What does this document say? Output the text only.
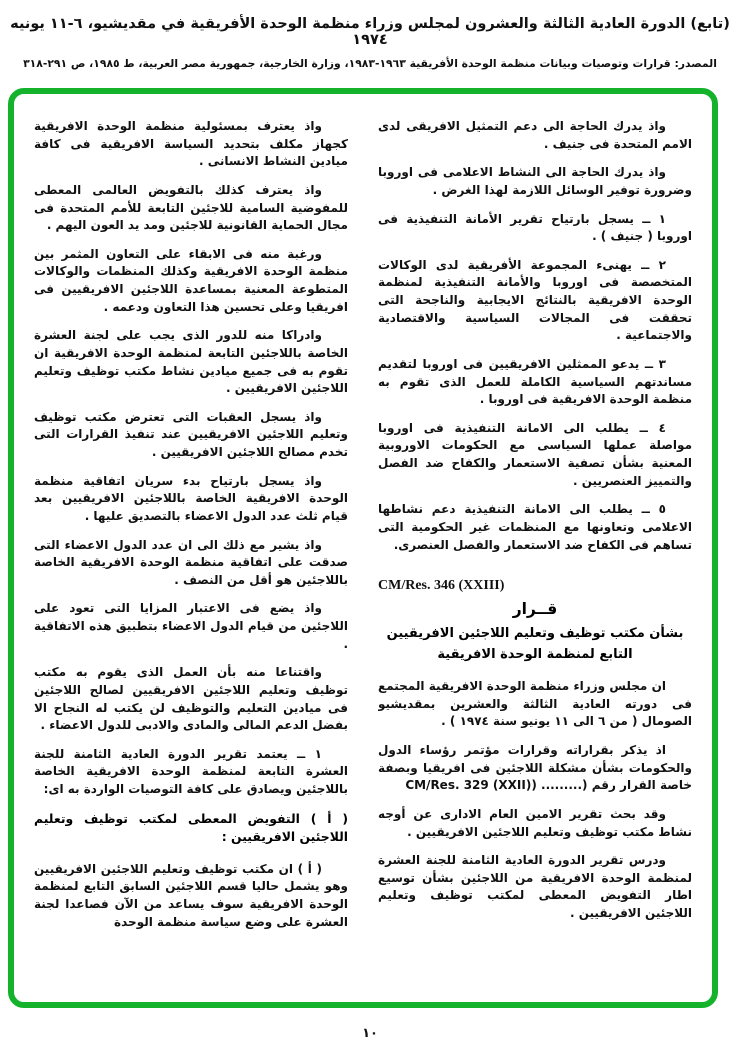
(تابع) الدورة العادية الثالثة والعشرون لمجلس وزراء منظمة الوحدة الأفريقية في مقديشيو، ٦-١١ يونيه ١٩٧٤
المصدر: قرارات وتوصيات وبيانات منظمة الوحدة الأفريقية ١٩٦٣-١٩٨٣، وزارة الخارجية، جمهورية مصر العربية، ط ١٩٨٥، ص ٢٩١-٣١٨

واذ يدرك الحاجة الى دعم التمثيل الافريقى لدى الامم المتحدة فى جنيف .

واذ يدرك الحاجة الى النشاط الاعلامى فى اوروبا وضرورة توفير الوسائل اللازمة لهذا الغرض .

١ ــ يسجل بارتياح تقرير الأمانة التنفيذية فى اوروبا ( جنيف ) .

٢ ــ يهنىء المجموعة الأفريقية لدى الوكالات المتخصصة فى اوروبا والأمانة التنفيذية لمنظمة الوحدة الافريقية بالنتائج الايجابية والناجحة التى تحققت فى المجالات السياسية والاقتصادية والاجتماعية .

٣ ــ يدعو الممثلين الافريقيين فى اوروبا لتقديم مساندتهم السياسية الكاملة للعمل الذى تقوم به منظمة الوحدة الافريقية فى اوروبا .

٤ ــ يطلب الى الامانة التنفيذية فى اوروبا مواصلة عملها السياسى مع الحكومات الاوروبية المعنية بشأن تصفية الاستعمار والكفاح ضد الفصل والتمييز العنصريين .

٥ ــ يطلب الى الامانة التنفيذية دعم نشاطها الاعلامى وتعاونها مع المنظمات غير الحكومية التى تساهم فى الكفاح ضد الاستعمار والفصل العنصرى.

CM/Res. 346 (XXIII)
قــرار
بشأن مكتب توظيف وتعليم اللاجئين الافريقيين
التابع لمنظمة الوحدة الافريقية

ان مجلس وزراء منظمة الوحدة الافريقية المجتمع فى دورته العادية الثالثة والعشرين بمقديشيو الصومال ( من ٦ الى ١١ يونيو سنة ١٩٧٤ ) .

اذ يذكر بقراراته وقرارات مؤتمر رؤساء الدول والحكومات بشأن مشكلة اللاجئين فى افريقيا وبصفة خاصة القرار رقم (......... (CM/Res. 329 (XXII)

وقد بحث تقرير الامين العام الادارى عن أوجه نشاط مكتب توظيف وتعليم اللاجئين الافريقيين .

ودرس تقرير الدورة العادية الثامنة للجنة العشرة لمنظمة الوحدة الافريقية من اللاجئين بشأن توسيع اطار التفويض المعطى لمكتب توظيف وتعليم اللاجئين الافريقيين .

واذ يعترف بمسئولية منظمة الوحدة الافريقية كجهاز مكلف بتحديد السياسة الافريقية فى كافة ميادين النشاط الانسانى .

واذ يعترف كذلك بالتفويض العالمى المعطى للمفوضية السامية للاجئين التابعة للأمم المتحدة فى مجال الحماية القانونية للاجئين ومد يد العون اليهم .

ورغبة منه فى الابقاء على التعاون المثمر بين منظمة الوحدة الافريقية وكذلك المنظمات والوكالات المتطوعة المعنية بمساعدة اللاجئين الافريقيين فى افريقيا وعلى تحسين هذا التعاون ودعمه .

وادراكا منه للدور الذى يجب على لجنة العشرة الخاصة باللاجئين التابعة لمنظمة الوحدة الافريقية ان تقوم به فى جميع ميادين نشاط مكتب توظيف وتعليم اللاجئين الافريقيين .

واذ يسجل العقبات التى تعترض مكتب توظيف وتعليم اللاجئين الافريقيين عند تنفيذ القرارات التى تخدم مصالح اللاجئين الافريقيين .

واذ يسجل بارتياح بدء سريان اتفاقية منظمة الوحدة الافريقية الخاصة باللاجئين الافريقيين بعد قيام ثلث عدد الدول الاعضاء بالتصديق عليها .

واذ يشير مع ذلك الى ان عدد الدول الاعضاء التى صدقت على اتفاقية منظمة الوحدة الافريقية الخاصة باللاجئين هو أقل من النصف .

واذ يضع فى الاعتبار المزايا التى تعود على اللاجئين من قيام الدول الاعضاء بتطبيق هذه الاتفاقية .

واقتناعا منه بأن العمل الذى يقوم به مكتب توظيف وتعليم اللاجئين الافريقيين لصالح اللاجئين فى ميادين التعليم والتوظيف لن يكتب له النجاح الا بفضل الدعم المالى والمادى والادبى للدول الاعضاء .

١ ــ يعتمد تقرير الدورة العادية الثامنة للجنة العشرة التابعة لمنظمة الوحدة الافريقية الخاصة باللاجئين ويصادق على كافة التوصيات الواردة به اى:

( أ ) التفويض المعطى لمكتب توظيف وتعليم اللاجئين الافريقيين :

( أ ) ان مكتب توظيف وتعليم اللاجئين الافريقيين وهو يشمل حاليا قسم اللاجئين السابق التابع لمنظمة الوحدة الافريقية سوف يساعد من الآن فصاعدا لجنة العشرة على وضع سياسة منظمة الوحدة

١٠
